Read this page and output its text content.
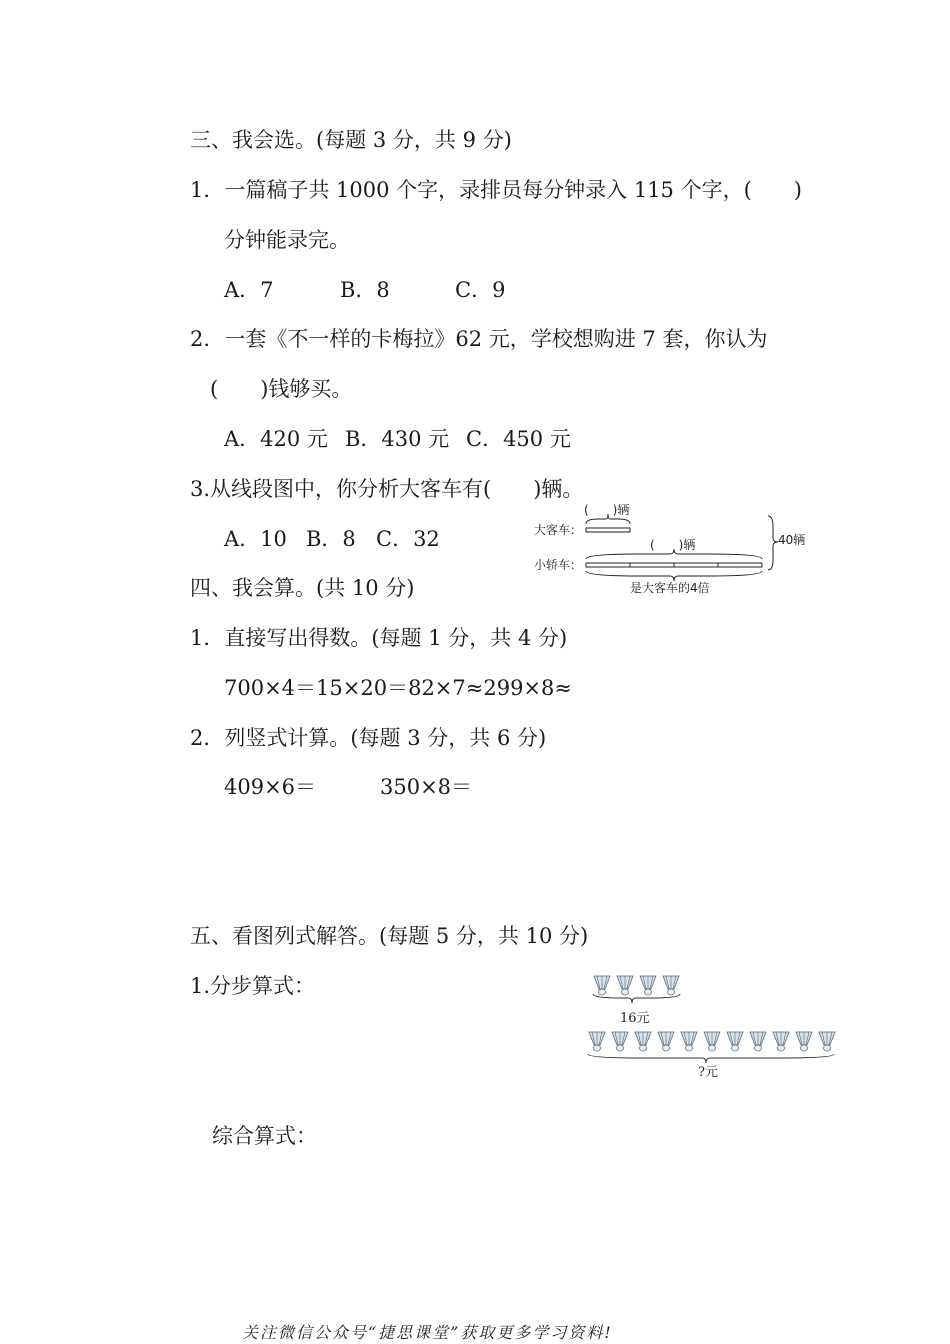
三、我会选。(每题 3 分，共 9 分)
1．一篇稿子共 1000 个字，录排员每分钟录入 115 个字，(　　)
分钟能录完。
A．7	B．8	C．9
2．一套《不一样的卡梅拉》62 元，学校想购进 7 套，你认为
(　　)钱够买。
A．420 元 B．430 元 C．450 元
3.从线段图中，你分析大客车有(　　)辆。
A．10 B．8 C．32	大客车：
小轿车：
(　　)辆
(　　)辆	40辆
是大客车的4倍
四、我会算。(共 10 分)
1．直接写出得数。(每题 1 分，共 4 分)
700×4＝15×20＝82×7≈299×8≈
2．列竖式计算。(每题 3 分，共 6 分)
409×6＝	350×8＝
五、看图列式解答。(每题 5 分，共 10 分)
1.分步算式：
综合算式：
16元
?元
关注微信公众号“捷思课堂”获取更多学习资料!
